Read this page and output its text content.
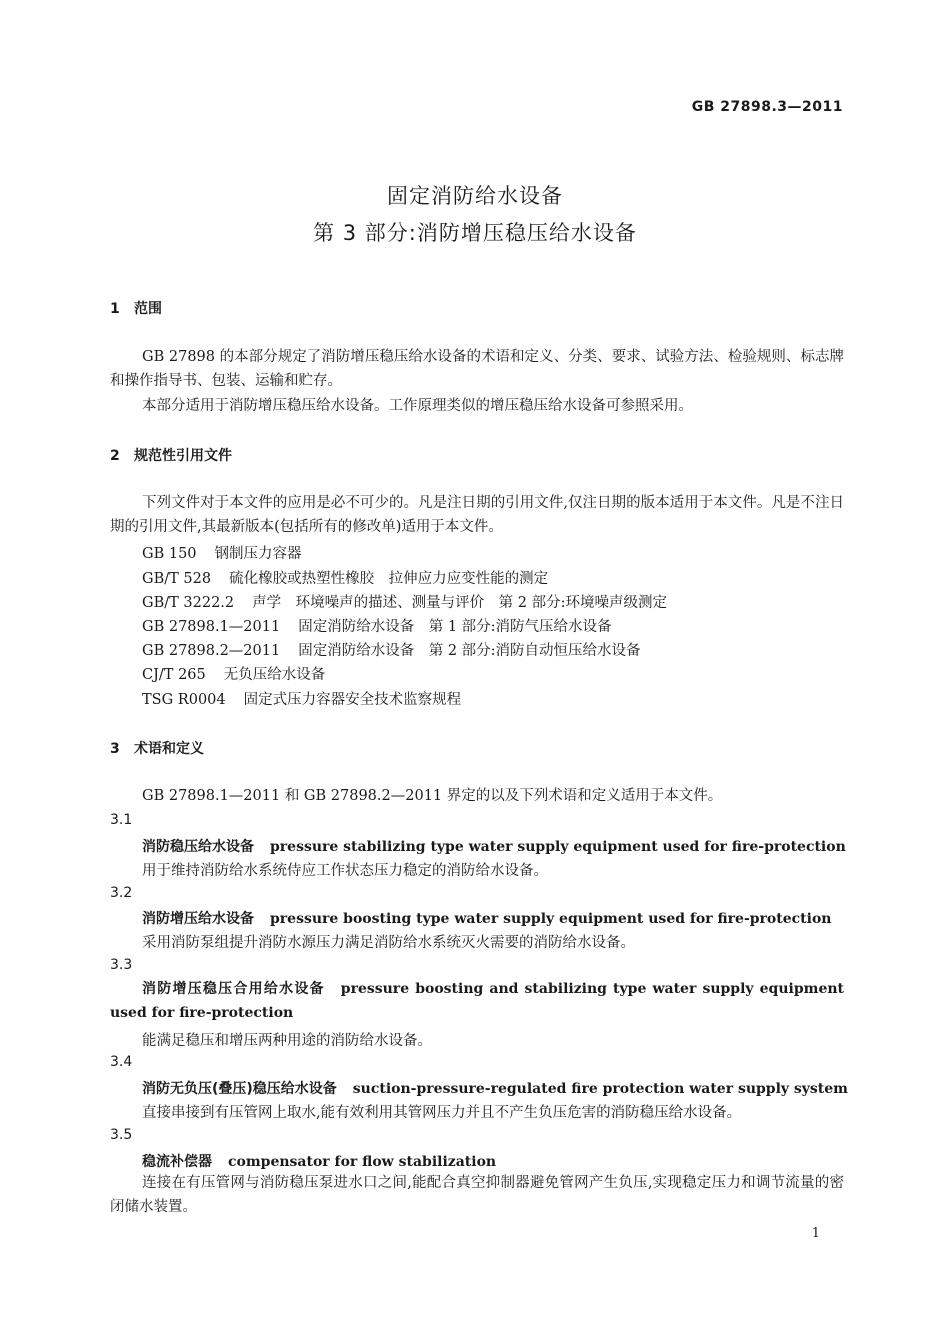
GB 27898.3—2011
固定消防给水设备
第 3 部分:消防增压稳压给水设备
1 范围
GB 27898 的本部分规定了消防增压稳压给水设备的术语和定义、分类、要求、试验方法、检验规则、标志牌和操作指导书、包装、运输和贮存。
本部分适用于消防增压稳压给水设备。工作原理类似的增压稳压给水设备可参照采用。
2 规范性引用文件
下列文件对于本文件的应用是必不可少的。凡是注日期的引用文件,仅注日期的版本适用于本文件。凡是不注日期的引用文件,其最新版本(包括所有的修改单)适用于本文件。
GB 150 钢制压力容器
GB/T 528 硫化橡胶或热塑性橡胶　拉伸应力应变性能的测定
GB/T 3222.2 声学　环境噪声的描述、测量与评价　第 2 部分:环境噪声级测定
GB 27898.1—2011 固定消防给水设备　第 1 部分:消防气压给水设备
GB 27898.2—2011 固定消防给水设备　第 2 部分:消防自动恒压给水设备
CJ/T 265 无负压给水设备
TSG R0004 固定式压力容器安全技术监察规程
3 术语和定义
GB 27898.1—2011 和 GB 27898.2—2011 界定的以及下列术语和定义适用于本文件。
3.1
消防稳压给水设备 pressure stabilizing type water supply equipment used for fire-protection
用于维持消防给水系统侍应工作状态压力稳定的消防给水设备。
3.2
消防增压给水设备 pressure boosting type water supply equipment used for fire-protection
采用消防泵组提升消防水源压力满足消防给水系统灭火需要的消防给水设备。
3.3
消防增压稳压合用给水设备 pressure boosting and stabilizing type water supply equipment used for fire-protection
能满足稳压和增压两种用途的消防给水设备。
3.4
消防无负压(叠压)稳压给水设备 suction-pressure-regulated fire protection water supply system
直接串接到有压管网上取水,能有效利用其管网压力并且不产生负压危害的消防稳压给水设备。
3.5
稳流补偿器 compensator for flow stabilization
连接在有压管网与消防稳压泵进水口之间,能配合真空抑制器避免管网产生负压,实现稳定压力和调节流量的密闭储水装置。
1
